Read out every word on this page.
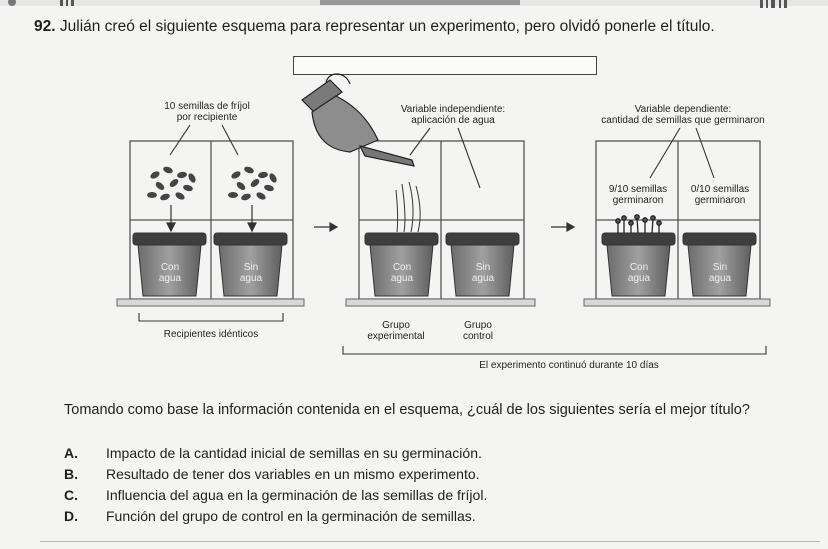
92. Julián creó el siguiente esquema para representar un experimento, pero olvidó ponerle el título.
10 semillas de fríjol
por recipiente
Variable independiente:
aplicación de agua
Variable dependiente:
cantidad de semillas que germinaron
Con
agua
Sin
agua
Con
agua
Sin
agua
Con
agua
Sin
agua
9/10 semillas
germinaron
0/10 semillas
germinaron
Recipientes idénticos
Grupo
experimental
Grupo
control
El experimento continuó durante 10 días
Tomando como base la información contenida en el esquema, ¿cuál de los siguientes sería el mejor título?
A. Impacto de la cantidad inicial de semillas en su germinación.
B. Resultado de tener dos variables en un mismo experimento.
C. Influencia del agua en la germinación de las semillas de fríjol.
D. Función del grupo de control en la germinación de semillas.
